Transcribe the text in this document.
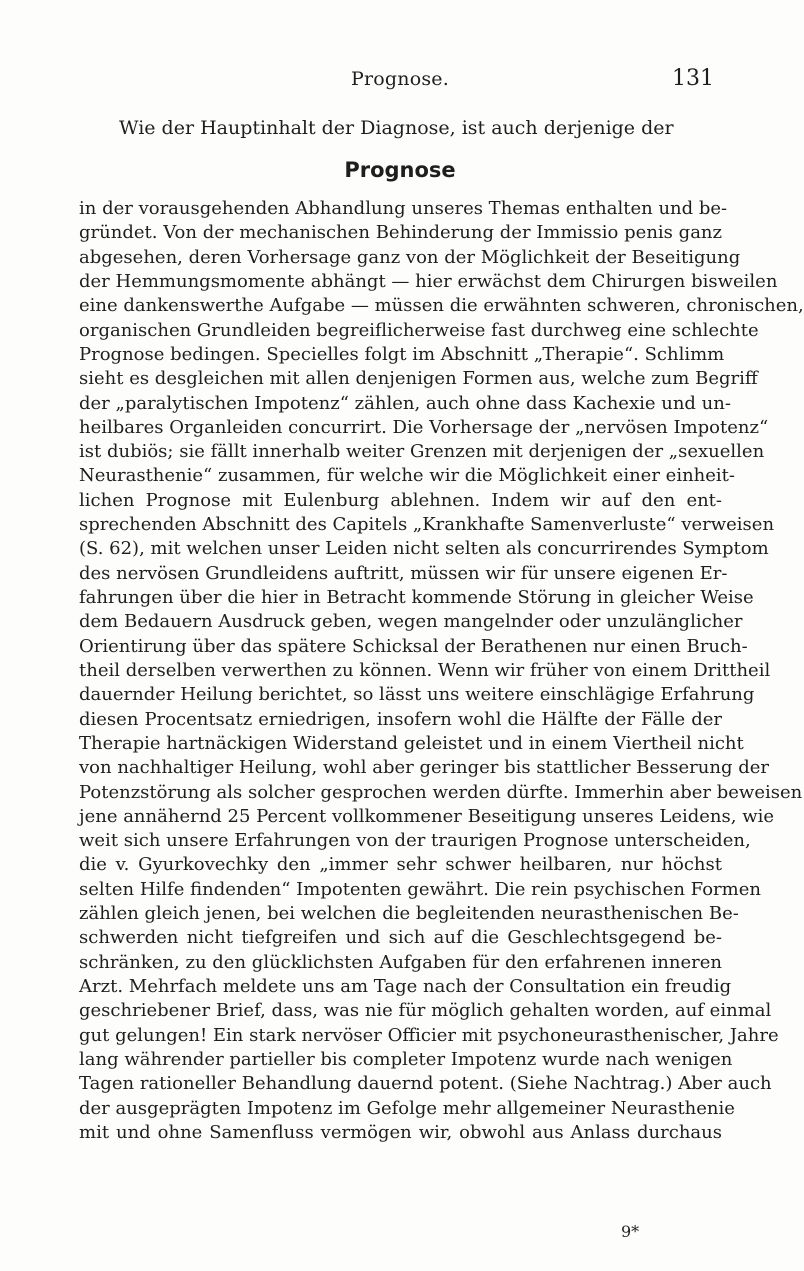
Prognose.	131
Wie der Hauptinhalt der Diagnose, ist auch derjenige der
Prognose
in der vorausgehenden Abhandlung unseres Themas enthalten und be-
gründet. Von der mechanischen Behinderung der Immissio penis ganz
abgesehen, deren Vorhersage ganz von der Möglichkeit der Beseitigung
der Hemmungsmomente abhängt — hier erwächst dem Chirurgen bisweilen
eine dankenswerthe Aufgabe — müssen die erwähnten schweren, chronischen,
organischen Grundleiden begreiflicherweise fast durchweg eine schlechte
Prognose bedingen. Specielles folgt im Abschnitt „Therapie“. Schlimm
sieht es desgleichen mit allen denjenigen Formen aus, welche zum Begriff
der „paralytischen Impotenz“ zählen, auch ohne dass Kachexie und un-
heilbares Organleiden concurrirt. Die Vorhersage der „nervösen Impotenz“
ist dubiös; sie fällt innerhalb weiter Grenzen mit derjenigen der „sexuellen
Neurasthenie“ zusammen, für welche wir die Möglichkeit einer einheit-
lichen Prognose mit Eulenburg ablehnen. Indem wir auf den ent-
sprechenden Abschnitt des Capitels „Krankhafte Samenverluste“ verweisen
(S. 62), mit welchen unser Leiden nicht selten als concurrirendes Symptom
des nervösen Grundleidens auftritt, müssen wir für unsere eigenen Er-
fahrungen über die hier in Betracht kommende Störung in gleicher Weise
dem Bedauern Ausdruck geben, wegen mangelnder oder unzulänglicher
Orientirung über das spätere Schicksal der Berathenen nur einen Bruch-
theil derselben verwerthen zu können. Wenn wir früher von einem Drittheil
dauernder Heilung berichtet, so lässt uns weitere einschlägige Erfahrung
diesen Procentsatz erniedrigen, insofern wohl die Hälfte der Fälle der
Therapie hartnäckigen Widerstand geleistet und in einem Viertheil nicht
von nachhaltiger Heilung, wohl aber geringer bis stattlicher Besserung der
Potenzstörung als solcher gesprochen werden dürfte. Immerhin aber beweisen
jene annähernd 25 Percent vollkommener Beseitigung unseres Leidens, wie
weit sich unsere Erfahrungen von der traurigen Prognose unterscheiden,
die v. Gyurkovechky den „immer sehr schwer heilbaren, nur höchst
selten Hilfe findenden“ Impotenten gewährt. Die rein psychischen Formen
zählen gleich jenen, bei welchen die begleitenden neurasthenischen Be-
schwerden nicht tiefgreifen und sich auf die Geschlechtsgegend be-
schränken, zu den glücklichsten Aufgaben für den erfahrenen inneren
Arzt. Mehrfach meldete uns am Tage nach der Consultation ein freudig
geschriebener Brief, dass, was nie für möglich gehalten worden, auf einmal
gut gelungen! Ein stark nervöser Officier mit psychoneurasthenischer, Jahre
lang währender partieller bis completer Impotenz wurde nach wenigen
Tagen rationeller Behandlung dauernd potent. (Siehe Nachtrag.) Aber auch
der ausgeprägten Impotenz im Gefolge mehr allgemeiner Neurasthenie
mit und ohne Samenfluss vermögen wir, obwohl aus Anlass durchaus
9*
